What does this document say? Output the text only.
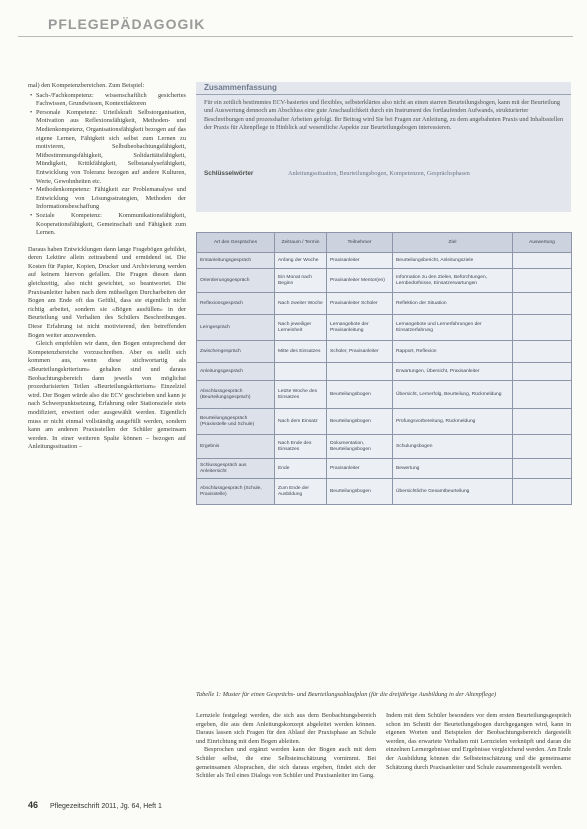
PFLEGEPÄDAGOGIK

mal) den Kompetenzbereichen. Zum Beispiel:

• Sach-/Fachkompetenz: wissenschaftlich gesichertes Fachwissen, Grundwissen, Kontextfaktoren

• Personale Kompetenz: Urteilskraft Selbstorganisation, Motivation aus Reflexionsfähigkeit, Methoden- und Medienkompetenz, Organisationsfähigkeit bezogen auf das eigene Lernen, Fähigkeit sich selbst zum Lernen zu motivieren, Selbstbeobachtungsfähigkeit, Mitbestimmungsfähigkeit, Solidaritätsfähigkeit, Mündigkeit, Kritikfähigkeit, Selbstanalysefähigkeit, Entwicklung von Toleranz bezogen auf andere Kulturen, Werte, Gewohnheiten etc.

• Methodenkompetenz: Fähigkeit zur Problemanalyse und Entwicklung von Lösungsstrategien, Methoden der Informationsbeschaffung

• Soziale Kompetenz: Kommunikationsfähigkeit, Kooperationsfähigkeit, Gemeinschaft und Fähigkeit zum Lernen.

Daraus haben Entwicklungen dann lange Fragebögen gebildet, deren Lektüre allein zeitraubend und ermüdend ist. Die Kosten für Papier, Kopien, Drucker und Archivierung werden auf keinem hiervon gefallen. Die Fragen diesen dann gleichzeitig, also nicht gewichtet, so beantwortet. Die Praxisanleiter haben nach dem mühseligen Durcharbeiten der Bogen am Ende oft das Gefühl, dass sie eigentlich nicht richtig arbeitet, sondern sie «Bögen ausfüllen» in der Beurteilung und Verhalten des Schülers Beschreibungen. Diese Erfahrung ist nicht motivierend, den betreffenden Bogen weiter anzuwenden.

Gleich empfehlen wir dann, den Bogen entsprechend der Kompetenzbereiche vorzuschreiben. Aber es stellt sich kommen aus, wenn diese stichwortartig als «Beurteilungskriterium» gehalten sind und daraus Beobachtungsbereich dann jeweils von möglichst prozedurisierten Teilen «Beurteilungskriterium» Einzelziel wird. Der Bogen würde also die ECV geschrieben und kann je nach Schwerpunktsetzung, Erfahrung oder Stationsziele stets modifiziert, erweitert oder ausgewählt werden. Eigentlich muss er nicht einmal vollständig ausgefüllt werden, sondern kann am anderen Praxisstellen der Schüler gemeinsam werden. In einer weiteren Spalte können – bezogen auf Anleitungssituation –

Zusammenfassung
Für ein zeitlich bestimmtes ECV-basiertes und flexibles, selbsterklärtes also nicht an einen starren Beurteilungsbogen, kann mit der Beurteilung und Auswertung dennoch am Abschluss eine gute Anschaulichkeit durch ein Instrument des fortlaufenden Aufwands, strukturierter Beschreibungen und prozesshafter Arbeiten gefolgt. Ihr Beitrag wird Sie bei Fragen zur Anleitung, zu dem angebahnten Praxis und Inhaltsstellen der Praxis für Altenpflege in Hinblick auf wesentliche Aspekte zur Beurteilungsbogen interessieren.
Schlüsselwörter	Anleitungssituation, Beurteilungsbogen, Kompetenzen, Gesprächsphasen
Art des Gespräches	Zeitraum / Termin	Teilnehmer	Ziel	Auswertung
Erstanleitungsgespräch	Anfang der Woche	Praxisanleiter	Beurteilungsbericht, Anleitungsziele	
Orientierungsgespräch	Ein Monat nach Beginn	Praxisanleiter Mentor(en)	Information zu den Zielen, Befürchtungen, Lernbedürfnisse, Einsatzerwartungen	
Reflexionsgespräch	Nach zweiter Woche	Praxisanleiter Schüler	Reflektion der Situation	
Lerngespräch	Nach jeweiliger Lerneinheit	Lernangebote der Praxisanleitung	Lernangebote und Lernerfahrungen der Einsatzerfahrung	
Zwischengespräch	Mitte des Einsatzes	Schüler, Praxisanleiter	Rapport, Reflexion	
Anleitungsgespräch			Erwartungen, Übersicht, Praxisanleiter	
Abschlussgespräch (Beurteilungsgespräch)	Letzte Woche des Einsatzes	Beurteilungsbogen	Übersicht, Lernerfolg, Beurteilung, Rückmeldung	
Beurteilungsgespräch (Praxisstelle und Schule)	Nach dem Einsatz	Beurteilungsbogen	Prüfungsvorbereitung, Rückmeldung	
Ergebnis	Nach Ende des Einsatzes	Dokumentation, Beurteilungsbogen	Schulungsbogen	
Schlussgespräch aus Anleitersicht	Ende	Praxisanleiter	Bewertung	
Abschlussgespräch (Schule, Praxisstelle)	Zum Ende der Ausbildung	Beurteilungsbogen	Übersichtliche Gesamtbeurteilung	
Tabelle 1: Muster für einen Gesprächs- und Beurteilungsablaufplan (für die dreijährige Ausbildung in der Altenpflege)

Lernziele festgelegt werden, die sich aus dem Beobachtungsbereich ergeben, die aus dem Anleitungskonzept abgeleitet werden können. Daraus lassen sich Fragen für den Ablauf der Praxisphase an Schule und Einrichtung mit dem Bogen ableiten.

Besprochen und ergänzt werden kann der Bogen auch mit dem Schüler selbst, die eine Selbsteinschätzung vornimmt. Bei gemeinsamen Absprachen, die sich daraus ergeben, findet sich der Schüler als Teil eines Dialogs von Schüler und Praxisanleiter im Gang.

Indem mit dem Schüler besonders vor dem ersten Beurteilungsgespräch schon im Schnitt der Beurteilungsbogen durchgegangen wird, kann in eigenen Worten und Beispielen der Beobachtungsbereich dargestellt werden, das erwartete Verhalten mit Lernzielen verknüpft und daran die einzelnen Lernergebnisse und Ergebnisse vergleichend werden. Am Ende der Ausbildung können die Selbsteinschätzung und die gemeinsame Schätzung durch Praxisanleiter und Schule zusammengestellt werden.

46 Pflegezeitschrift 2011, Jg. 64, Heft 1
